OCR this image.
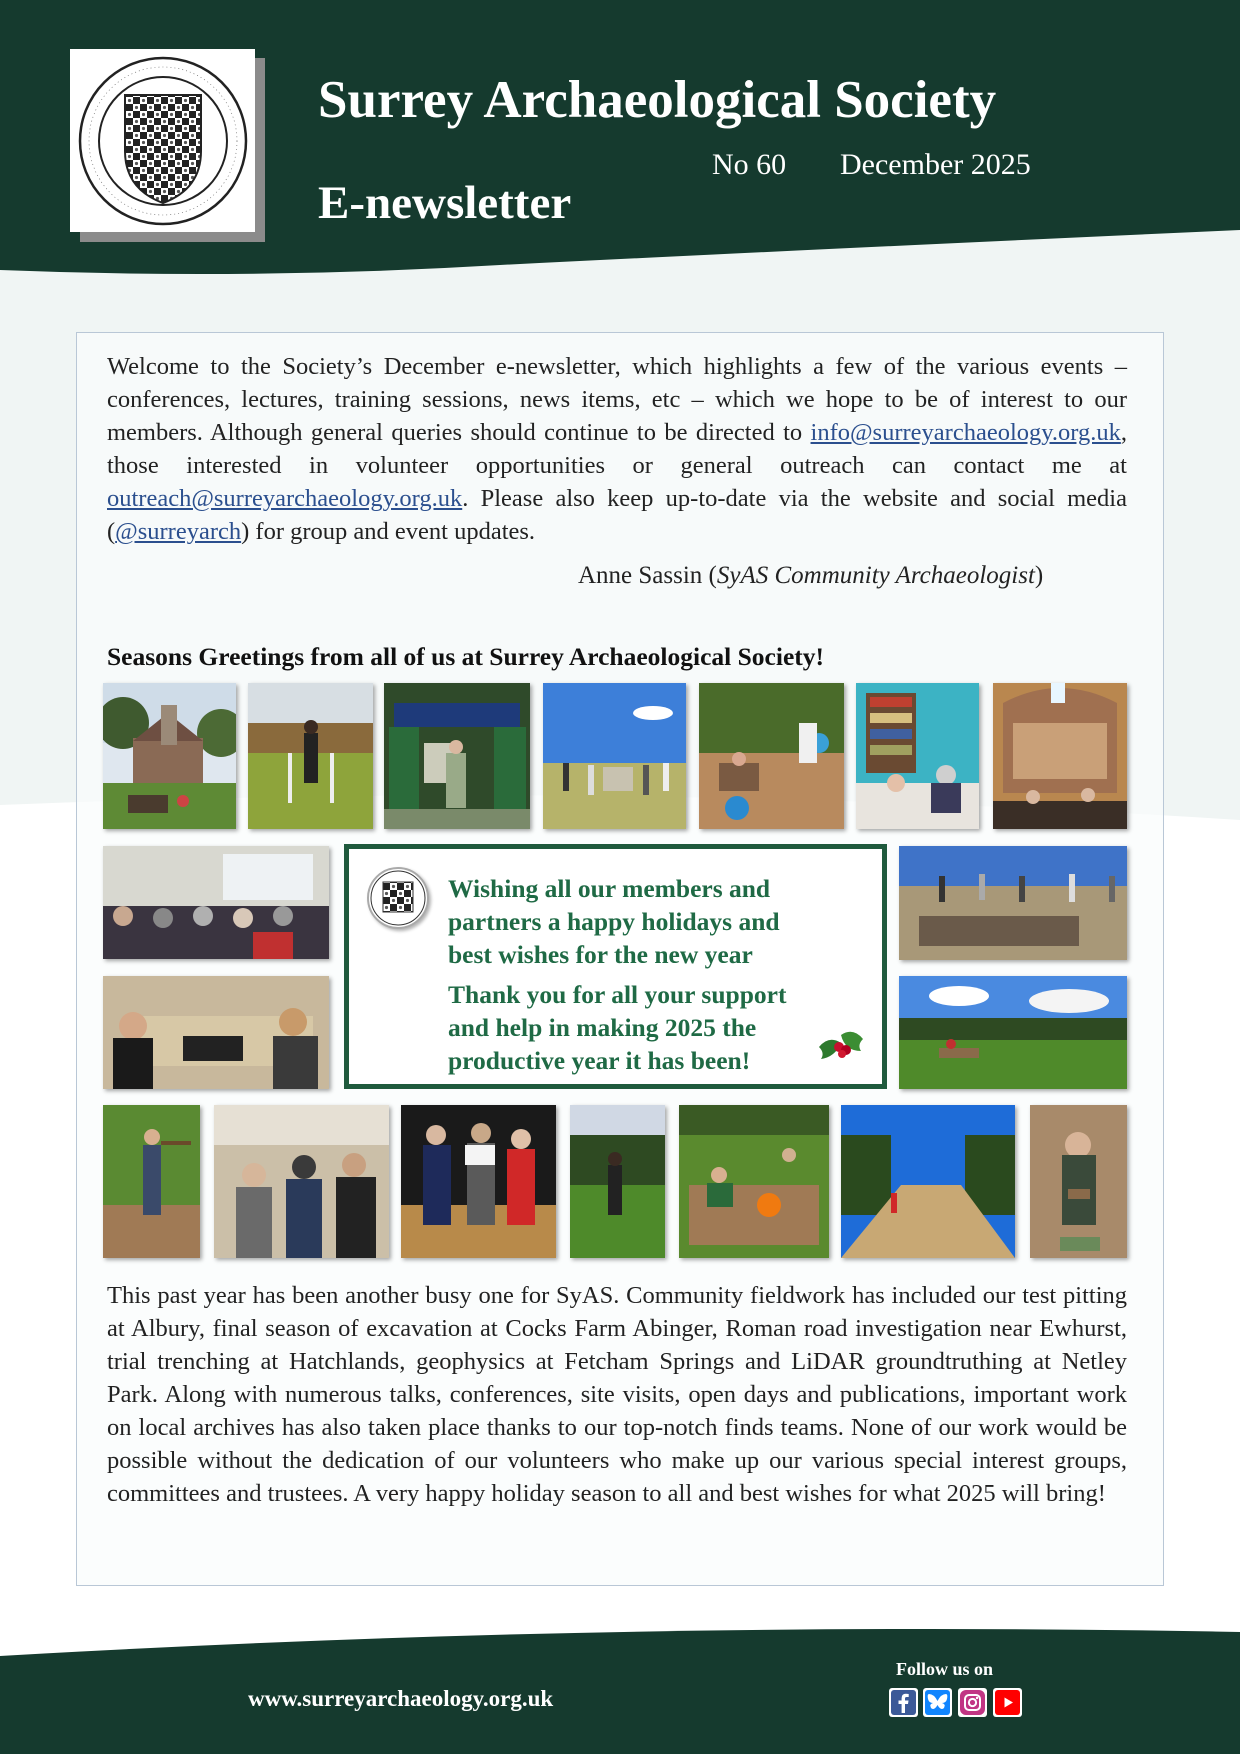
Surrey Archaeological Society
E-newsletter
No 60 December 2025
Welcome to the Society’s December e-newsletter, which highlights a few of the various events – conferences, lectures, training sessions, news items, etc – which we hope to be of interest to our members. Although general queries should continue to be directed to info@surreyarchaeology.org.uk, those interested in volunteer opportunities or general outreach can contact me at outreach@surreyarchaeology.org.uk. Please also keep up-to-date via the website and social media (@surreyarch) for group and event updates.
Anne Sassin (SyAS Community Archaeologist)
Seasons Greetings from all of us at Surrey Archaeological Society!
Wishing all our members and
partners a happy holidays and
best wishes for the new year
Thank you for all your support
and help in making 2025 the
productive year it has been!
This past year has been another busy one for SyAS. Community fieldwork has included our test pitting at Albury, final season of excavation at Cocks Farm Abinger, Roman road investigation near Ewhurst, trial trenching at Hatchlands, geophysics at Fetcham Springs and LiDAR groundtruthing at Netley Park. Along with numerous talks, conferences, site visits, open days and publications, important work on local archives has also taken place thanks to our top-notch finds teams. None of our work would be possible without the dedication of our volunteers who make up our various special interest groups, committees and trustees. A very happy holiday season to all and best wishes for what 2025 will bring!
www.surreyarchaeology.org.uk
Follow us on
